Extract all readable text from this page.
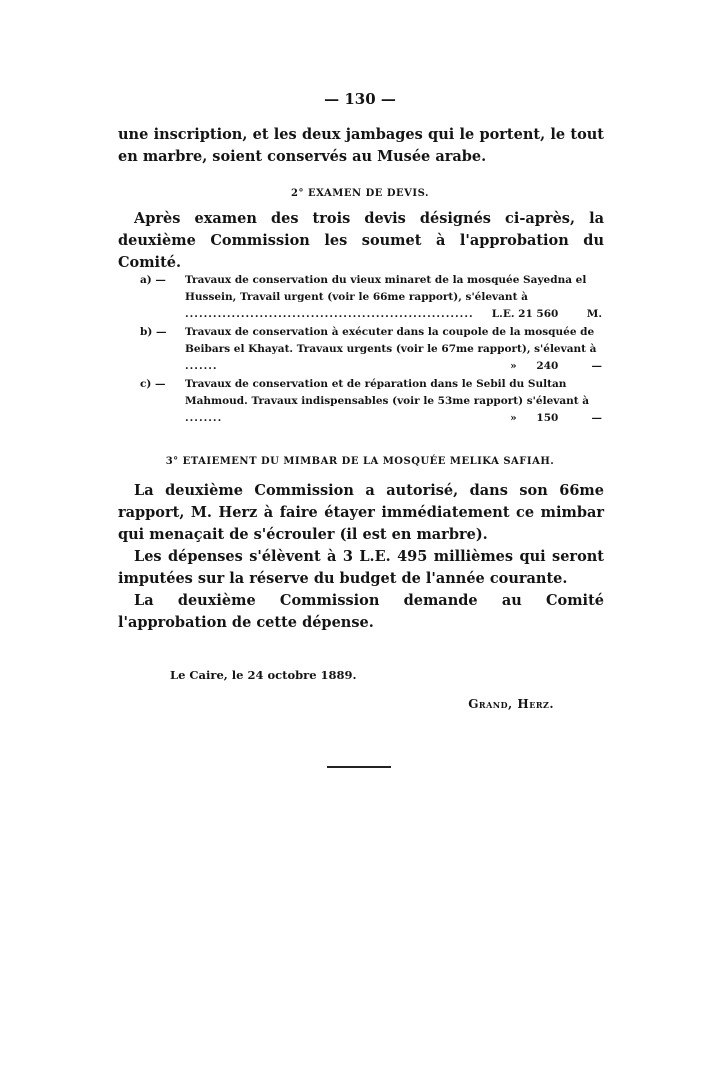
— 130 —

une inscription, et les deux jambages qui le portent, le tout en marbre, soient conservés au Musée arabe.

2° EXAMEN DE DEVIS.

Après examen des trois devis désignés ci-après, la deuxième Commission les soumet à l'approbation du Comité.

a) — Travaux de conservation du vieux minaret de la mosquée Sayedna el Hussein, Travail urgent (voir le 66me rapport), s'élevant à
..............................................................	L.E. 21 560	M.
b) — Travaux de conservation à exécuter dans la coupole de la mosquée de Beibars el Khayat. Travaux urgents (voir le 67me rapport), s'élevant à
.......	» 240	—
c) — Travaux de conservation et de réparation dans le Sebil du Sultan Mahmoud. Travaux indispensables (voir le 53me rapport) s'élevant à
........	» 150	—
3° ETAIEMENT DU MIMBAR DE LA MOSQUÉE MELIKA SAFIAH.

La deuxième Commission a autorisé, dans son 66me rapport, M. Herz à faire étayer immédiatement ce mimbar qui menaçait de s'écrouler (il est en marbre).

Les dépenses s'élèvent à 3 L.E. 495 millièmes qui seront imputées sur la réserve du budget de l'année courante.

La deuxième Commission demande au Comité l'approbation de cette dépense.

Le Caire, le 24 octobre 1889.
Grand, Herz.
